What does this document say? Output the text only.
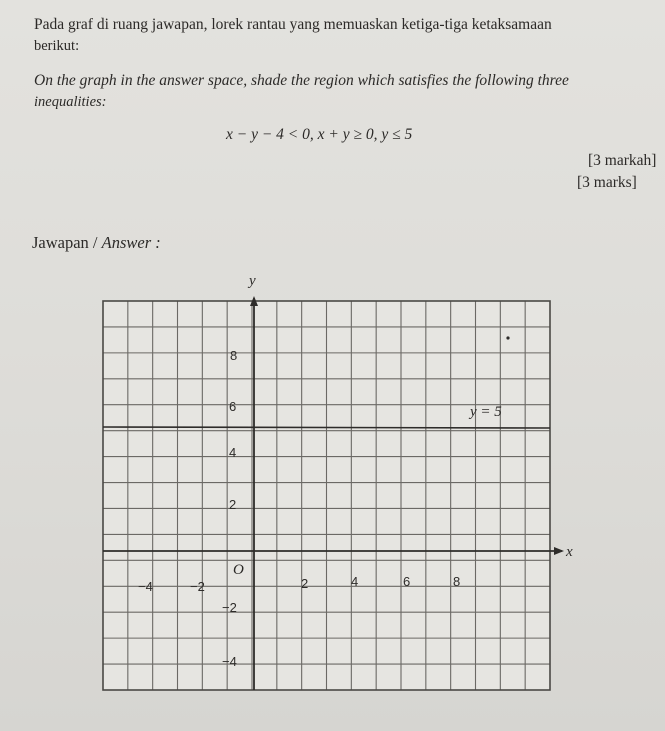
Pada graf di ruang jawapan, lorek rantau yang memuaskan ketiga-tiga ketaksamaan
berikut:
On the graph in the answer space, shade the region which satisfies the following three
inequalities:
x − y − 4 < 0, x + y ≥ 0, y ≤ 5
[3 markah]
[3 marks]
Jawapan / Answer :
x
y
O
−4	−2	2	4	6	8
8
6
4
2
−2
−4
y = 5
